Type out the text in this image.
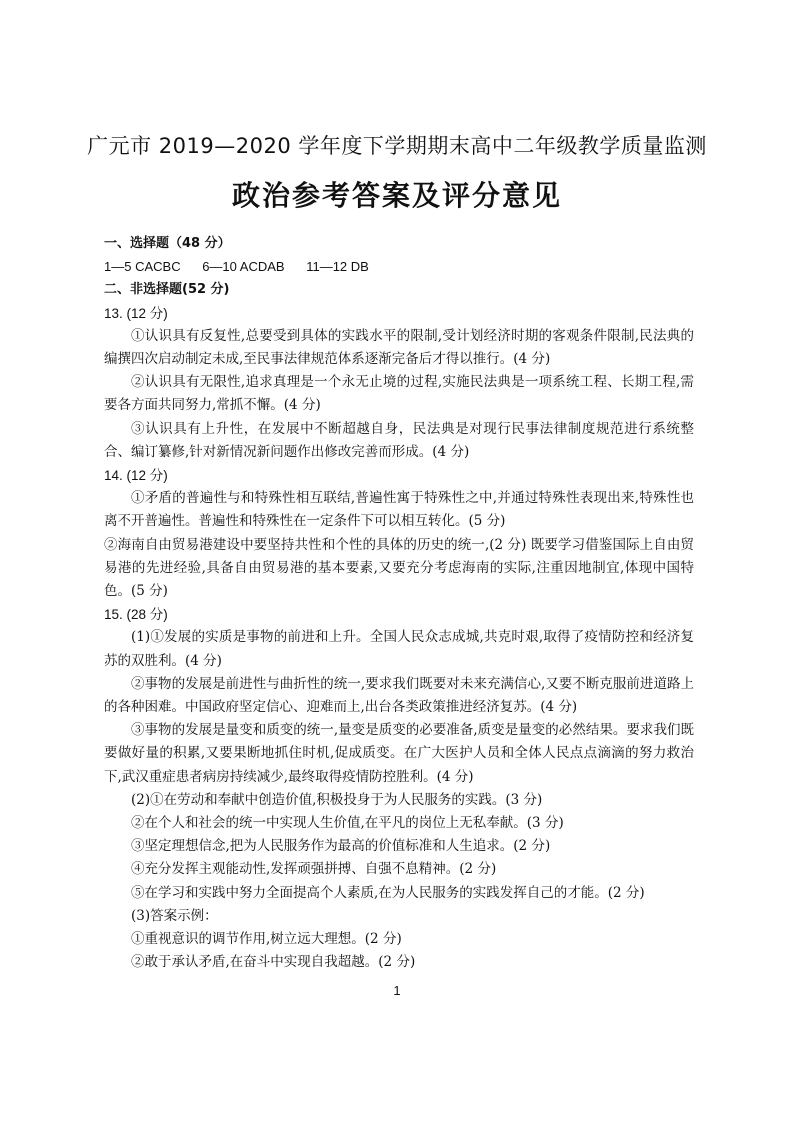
广元市 2019—2020 学年度下学期期末高中二年级教学质量监测
政治参考答案及评分意见
一、选择题（48 分）
1—5 CACBC 6—10 ACDAB 11—12 DB
二、非选择题(52 分)
13. (12 分)
①认识具有反复性,总要受到具体的实践水平的限制,受计划经济时期的客观条件限制,民法典的编撰四次启动制定未成,至民事法律规范体系逐渐完备后才得以推行。(4 分)
②认识具有无限性,追求真理是一个永无止境的过程,实施民法典是一项系统工程、长期工程,需要各方面共同努力,常抓不懈。(4 分)
③认识具有上升性，在发展中不断超越自身，民法典是对现行民事法律制度规范进行系统整合、编订纂修,针对新情况新问题作出修改完善而形成。(4 分)
14. (12 分)
①矛盾的普遍性与和特殊性相互联结,普遍性寓于特殊性之中,并通过特殊性表现出来,特殊性也离不开普遍性。普遍性和特殊性在一定条件下可以相互转化。(5 分)
②海南自由贸易港建设中要坚持共性和个性的具体的历史的统一,(2 分) 既要学习借鉴国际上自由贸易港的先进经验,具备自由贸易港的基本要素,又要充分考虑海南的实际,注重因地制宜,体现中国特色。(5 分)
15. (28 分)
(1)①发展的实质是事物的前进和上升。全国人民众志成城,共克时艰,取得了疫情防控和经济复苏的双胜利。(4 分)
②事物的发展是前进性与曲折性的统一,要求我们既要对未来充满信心,又要不断克服前进道路上的各种困难。中国政府坚定信心、迎难而上,出台各类政策推进经济复苏。(4 分)
③事物的发展是量变和质变的统一,量变是质变的必要准备,质变是量变的必然结果。要求我们既要做好量的积累,又要果断地抓住时机,促成质变。在广大医护人员和全体人民点点滴滴的努力救治下,武汉重症患者病房持续减少,最终取得疫情防控胜利。(4 分)
(2)①在劳动和奉献中创造价值,积极投身于为人民服务的实践。(3 分)
②在个人和社会的统一中实现人生价值,在平凡的岗位上无私奉献。(3 分)
③坚定理想信念,把为人民服务作为最高的价值标准和人生追求。(2 分)
④充分发挥主观能动性,发挥顽强拼搏、自强不息精神。(2 分)
⑤在学习和实践中努力全面提高个人素质,在为人民服务的实践发挥自己的才能。(2 分)
(3)答案示例：
①重视意识的调节作用,树立远大理想。(2 分)
②敢于承认矛盾,在奋斗中实现自我超越。(2 分)
1
